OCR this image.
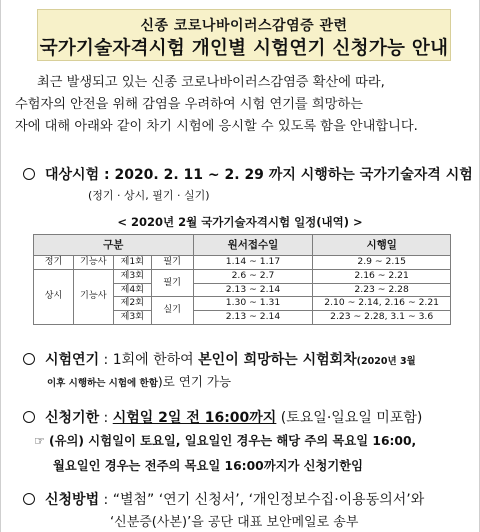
신종 코로나바이러스감염증 관련
국가기술자격시험 개인별 시험연기 신청가능 안내
최근 발생되고 있는 신종 코로나바이러스감염증 확산에 따라,
수험자의 안전을 위해 감염을 우려하여 시험 연기를 희망하는
자에 대해 아래와 같이 차기 시험에 응시할 수 있도록 함을 안내합니다.
대상시험 : 2020. 2. 11 ~ 2. 29 까지 시행하는 국가기술자격 시험
(정기 · 상시, 필기 · 실기)
< 2020년 2월 국가기술자격시험 일정(내역) >
구분				원서접수일	시행일
정기	기능사	제1회	필기	1.14 ~ 1.17	2.9 ~ 2.15
상시	기능사	제3회	필기	2.6 ~ 2.7	2.16 ~ 2.21
		제4회		2.13 ~ 2.14	2.23 ~ 2.28
		제2회	실기	1.30 ~ 1.31	2.10 ~ 2.14, 2.16 ~ 2.21
		제3회		2.13 ~ 2.14	2.23 ~ 2.28, 3.1 ~ 3.6
시험연기 : 1회에 한하여 본인이 희망하는 시험회차(2020년 3월
이후 시행하는 시험에 한함)로 연기 가능
신청기한 : 시험일 2일 전 16:00까지 (토요일·일요일 미포함)
☞ (유의) 시험일이 토요일, 일요일인 경우는 해당 주의 목요일 16:00,
월요일인 경우는 전주의 목요일 16:00까지가 신청기한임
신청방법 : “별첨” ‘연기 신청서’, ‘개인정보수집·이용동의서’와
‘신분증(사본)’을 공단 대표 보안메일로 송부
